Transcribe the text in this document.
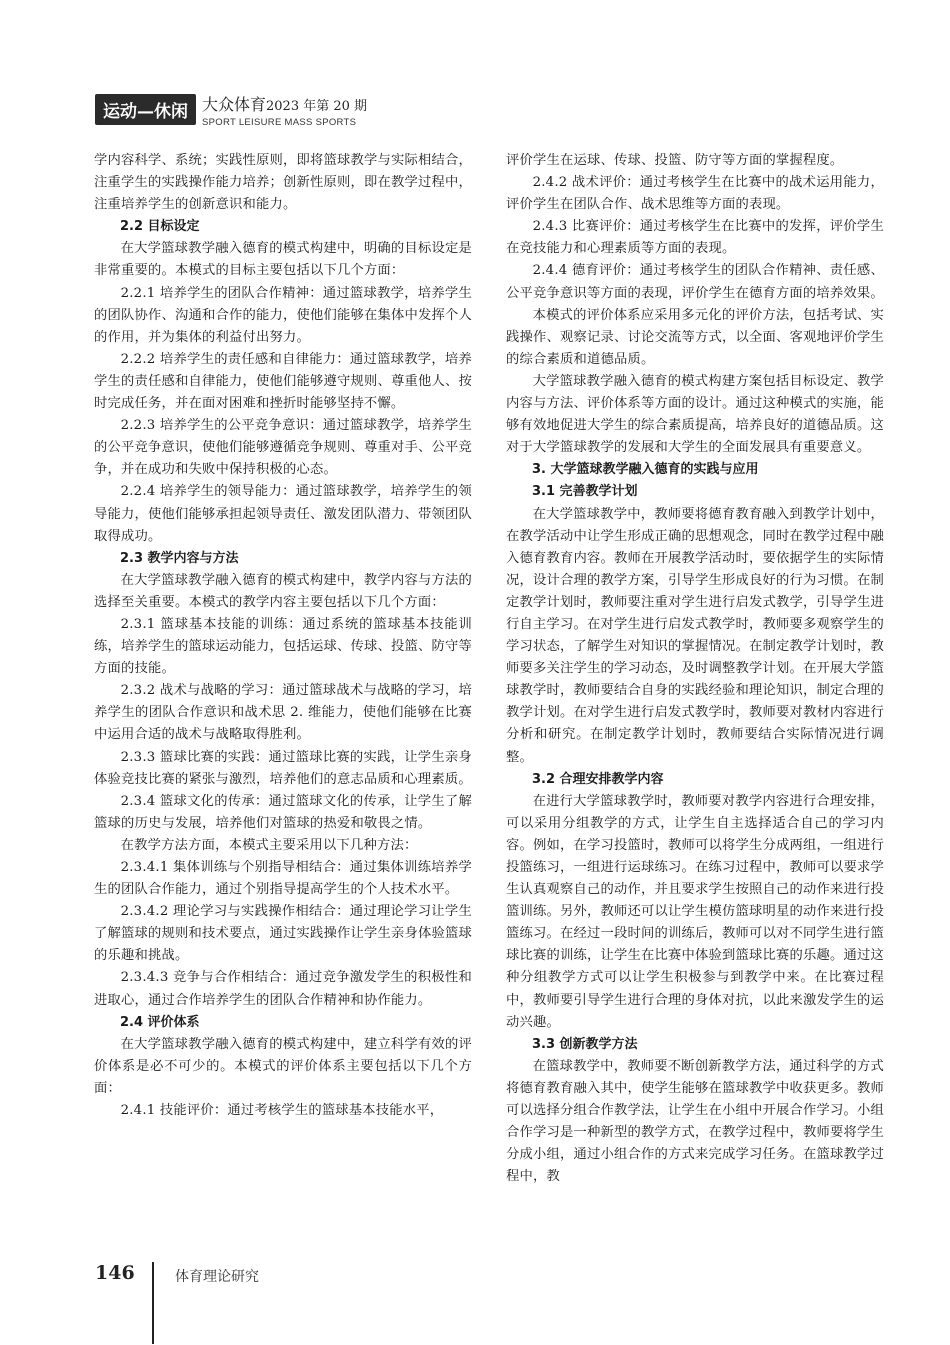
运动—休闲 大众体育2023 年第 20 期
SPORT LEISURE MASS SPORTS

学内容科学、系统；实践性原则，即将篮球教学与实际相结合，注重学生的实践操作能力培养；创新性原则，即在教学过程中，注重培养学生的创新意识和能力。

2.2 目标设定

在大学篮球教学融入德育的模式构建中，明确的目标设定是非常重要的。本模式的目标主要包括以下几个方面：

2.2.1 培养学生的团队合作精神：通过篮球教学，培养学生的团队协作、沟通和合作的能力，使他们能够在集体中发挥个人的作用，并为集体的利益付出努力。

2.2.2 培养学生的责任感和自律能力：通过篮球教学，培养学生的责任感和自律能力，使他们能够遵守规则、尊重他人、按时完成任务，并在面对困难和挫折时能够坚持不懈。

2.2.3 培养学生的公平竞争意识：通过篮球教学，培养学生的公平竞争意识，使他们能够遵循竞争规则、尊重对手、公平竞争，并在成功和失败中保持积极的心态。

2.2.4 培养学生的领导能力：通过篮球教学，培养学生的领导能力，使他们能够承担起领导责任、激发团队潜力、带领团队取得成功。

2.3 教学内容与方法

在大学篮球教学融入德育的模式构建中，教学内容与方法的选择至关重要。本模式的教学内容主要包括以下几个方面：

2.3.1 篮球基本技能的训练：通过系统的篮球基本技能训练，培养学生的篮球运动能力，包括运球、传球、投篮、防守等方面的技能。

2.3.2 战术与战略的学习：通过篮球战术与战略的学习，培养学生的团队合作意识和战术思 2. 维能力，使他们能够在比赛中运用合适的战术与战略取得胜利。

2.3.3 篮球比赛的实践：通过篮球比赛的实践，让学生亲身体验竞技比赛的紧张与激烈，培养他们的意志品质和心理素质。

2.3.4 篮球文化的传承：通过篮球文化的传承，让学生了解篮球的历史与发展，培养他们对篮球的热爱和敬畏之情。

在教学方法方面，本模式主要采用以下几种方法：

2.3.4.1 集体训练与个别指导相结合：通过集体训练培养学生的团队合作能力，通过个别指导提高学生的个人技术水平。

2.3.4.2 理论学习与实践操作相结合：通过理论学习让学生了解篮球的规则和技术要点，通过实践操作让学生亲身体验篮球的乐趣和挑战。

2.3.4.3 竞争与合作相结合：通过竞争激发学生的积极性和进取心，通过合作培养学生的团队合作精神和协作能力。

2.4 评价体系

在大学篮球教学融入德育的模式构建中，建立科学有效的评价体系是必不可少的。本模式的评价体系主要包括以下几个方面：

2.4.1 技能评价：通过考核学生的篮球基本技能水平，

评价学生在运球、传球、投篮、防守等方面的掌握程度。

2.4.2 战术评价：通过考核学生在比赛中的战术运用能力，评价学生在团队合作、战术思维等方面的表现。

2.4.3 比赛评价：通过考核学生在比赛中的发挥，评价学生在竞技能力和心理素质等方面的表现。

2.4.4 德育评价：通过考核学生的团队合作精神、责任感、公平竞争意识等方面的表现，评价学生在德育方面的培养效果。

本模式的评价体系应采用多元化的评价方法，包括考试、实践操作、观察记录、讨论交流等方式，以全面、客观地评价学生的综合素质和道德品质。

大学篮球教学融入德育的模式构建方案包括目标设定、教学内容与方法、评价体系等方面的设计。通过这种模式的实施，能够有效地促进大学生的综合素质提高，培养良好的道德品质。这对于大学篮球教学的发展和大学生的全面发展具有重要意义。

3. 大学篮球教学融入德育的实践与应用
3.1 完善教学计划

在大学篮球教学中，教师要将德育教育融入到教学计划中，在教学活动中让学生形成正确的思想观念，同时在教学过程中融入德育教育内容。教师在开展教学活动时，要依据学生的实际情况，设计合理的教学方案，引导学生形成良好的行为习惯。在制定教学计划时，教师要注重对学生进行启发式教学，引导学生进行自主学习。在对学生进行启发式教学时，教师要多观察学生的学习状态，了解学生对知识的掌握情况。在制定教学计划时，教师要多关注学生的学习动态，及时调整教学计划。在开展大学篮球教学时，教师要结合自身的实践经验和理论知识，制定合理的教学计划。在对学生进行启发式教学时，教师要对教材内容进行分析和研究。在制定教学计划时，教师要结合实际情况进行调整。

3.2 合理安排教学内容

在进行大学篮球教学时，教师要对教学内容进行合理安排，可以采用分组教学的方式，让学生自主选择适合自己的学习内容。例如，在学习投篮时，教师可以将学生分成两组，一组进行投篮练习，一组进行运球练习。在练习过程中，教师可以要求学生认真观察自己的动作，并且要求学生按照自己的动作来进行投篮训练。另外，教师还可以让学生模仿篮球明星的动作来进行投篮练习。在经过一段时间的训练后，教师可以对不同学生进行篮球比赛的训练，让学生在比赛中体验到篮球比赛的乐趣。通过这种分组教学方式可以让学生积极参与到教学中来。在比赛过程中，教师要引导学生进行合理的身体对抗，以此来激发学生的运动兴趣。

3.3 创新教学方法

在篮球教学中，教师要不断创新教学方法，通过科学的方式将德育教育融入其中，使学生能够在篮球教学中收获更多。教师可以选择分组合作教学法，让学生在小组中开展合作学习。小组合作学习是一种新型的教学方式，在教学过程中，教师要将学生分成小组，通过小组合作的方式来完成学习任务。在篮球教学过程中，教

146	体育理论研究
